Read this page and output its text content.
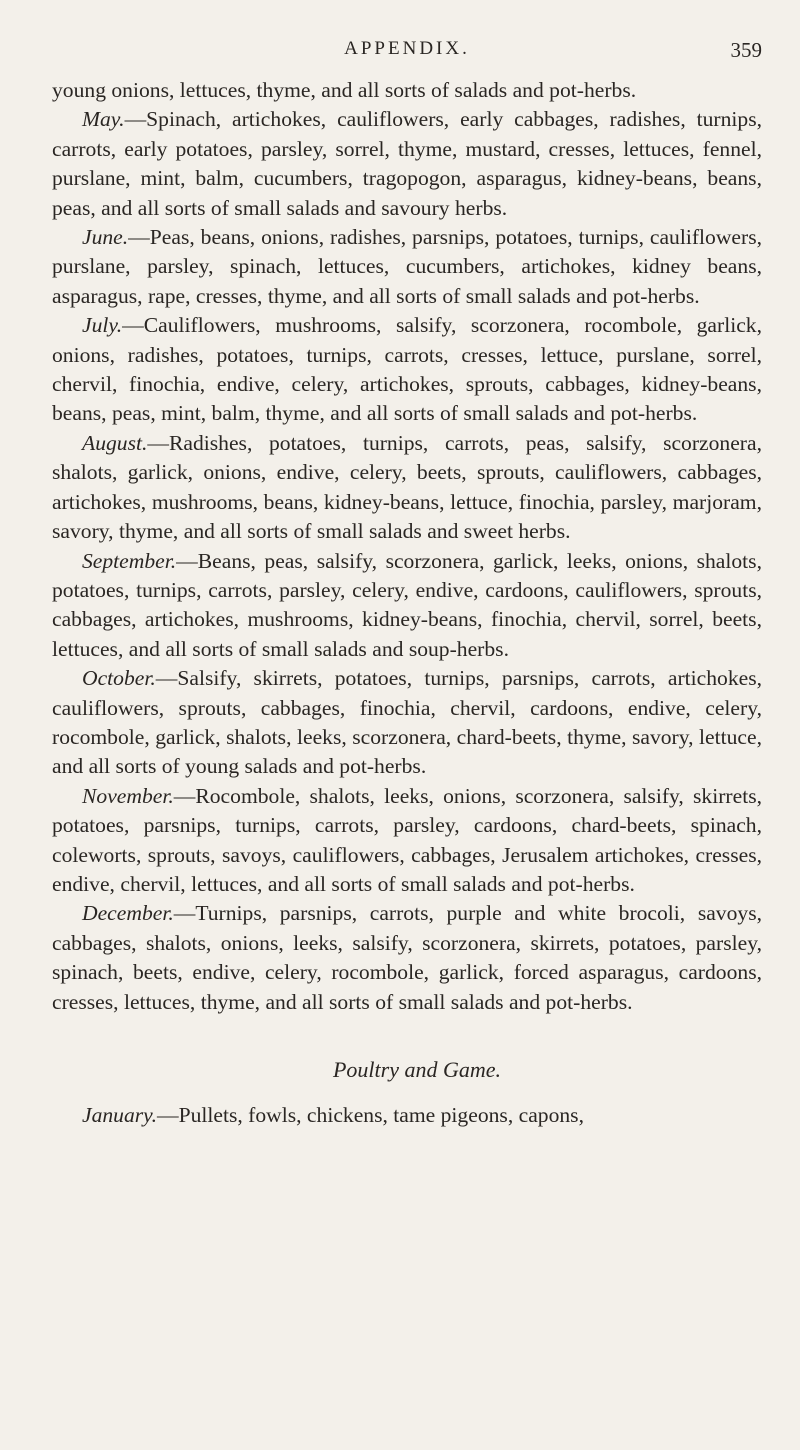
APPENDIX.	359

young onions, lettuces, thyme, and all sorts of salads and pot-herbs.

May.—Spinach, artichokes, cauliflowers, early cabbages, radishes, turnips, carrots, early potatoes, parsley, sorrel, thyme, mustard, cresses, lettuces, fennel, purslane, mint, balm, cucumbers, tragopogon, asparagus, kidney-beans, beans, peas, and all sorts of small salads and savoury herbs.

June.—Peas, beans, onions, radishes, parsnips, potatoes, turnips, cauliflowers, purslane, parsley, spinach, lettuces, cucumbers, artichokes, kidney beans, asparagus, rape, cresses, thyme, and all sorts of small salads and pot-herbs.

July.—Cauliflowers, mushrooms, salsify, scorzonera, rocombole, garlick, onions, radishes, potatoes, turnips, carrots, cresses, lettuce, purslane, sorrel, chervil, finochia, endive, celery, artichokes, sprouts, cabbages, kidney-beans, beans, peas, mint, balm, thyme, and all sorts of small salads and pot-herbs.

August.—Radishes, potatoes, turnips, carrots, peas, salsify, scorzonera, shalots, garlick, onions, endive, celery, beets, sprouts, cauliflowers, cabbages, artichokes, mushrooms, beans, kidney-beans, lettuce, finochia, parsley, marjoram, savory, thyme, and all sorts of small salads and sweet herbs.

September.—Beans, peas, salsify, scorzonera, garlick, leeks, onions, shalots, potatoes, turnips, carrots, parsley, celery, endive, cardoons, cauliflowers, sprouts, cabbages, artichokes, mushrooms, kidney-beans, finochia, chervil, sorrel, beets, lettuces, and all sorts of small salads and soup-herbs.

October.—Salsify, skirrets, potatoes, turnips, parsnips, carrots, artichokes, cauliflowers, sprouts, cabbages, finochia, chervil, cardoons, endive, celery, rocombole, garlick, shalots, leeks, scorzonera, chard-beets, thyme, savory, lettuce, and all sorts of young salads and pot-herbs.

November.—Rocombole, shalots, leeks, onions, scorzonera, salsify, skirrets, potatoes, parsnips, turnips, carrots, parsley, cardoons, chard-beets, spinach, coleworts, sprouts, savoys, cauliflowers, cabbages, Jerusalem artichokes, cresses, endive, chervil, lettuces, and all sorts of small salads and pot-herbs.

December.—Turnips, parsnips, carrots, purple and white brocoli, savoys, cabbages, shalots, onions, leeks, salsify, scorzonera, skirrets, potatoes, parsley, spinach, beets, endive, celery, rocombole, garlick, forced asparagus, cardoons, cresses, lettuces, thyme, and all sorts of small salads and pot-herbs.

Poultry and Game.

January.—Pullets, fowls, chickens, tame pigeons, capons,
